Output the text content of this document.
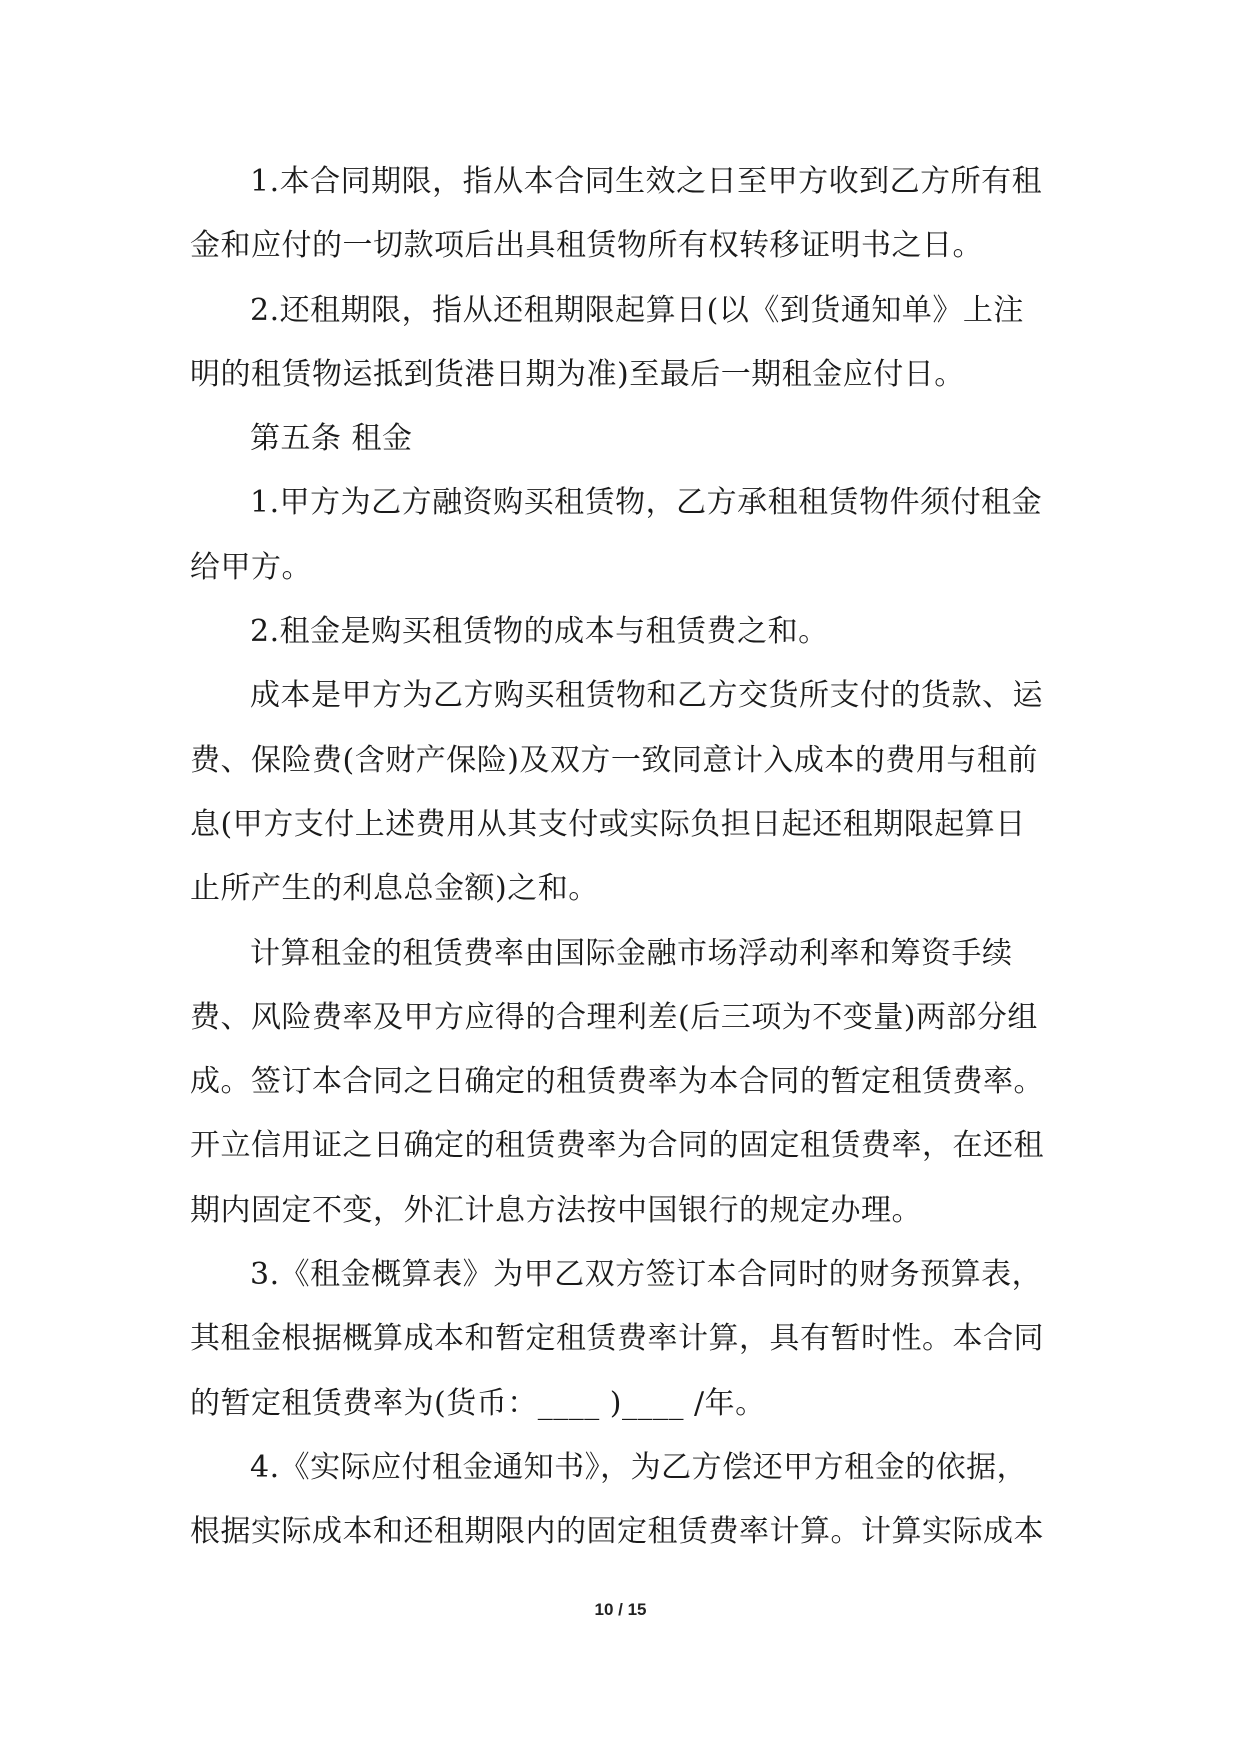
1.本合同期限，指从本合同生效之日至甲方收到乙方所有租

金和应付的一切款项后出具租赁物所有权转移证明书之日。

2.还租期限，指从还租期限起算日(以《到货通知单》上注

明的租赁物运抵到货港日期为准)至最后一期租金应付日。

第五条 租金

1.甲方为乙方融资购买租赁物，乙方承租租赁物件须付租金

给甲方。

2.租金是购买租赁物的成本与租赁费之和。

成本是甲方为乙方购买租赁物和乙方交货所支付的货款、运

费、保险费(含财产保险)及双方一致同意计入成本的费用与租前

息(甲方支付上述费用从其支付或实际负担日起还租期限起算日

止所产生的利息总金额)之和。

计算租金的租赁费率由国际金融市场浮动利率和筹资手续

费、风险费率及甲方应得的合理利差(后三项为不变量)两部分组

成。签订本合同之日确定的租赁费率为本合同的暂定租赁费率。

开立信用证之日确定的租赁费率为合同的固定租赁费率，在还租

期内固定不变，外汇计息方法按中国银行的规定办理。

3.《租金概算表》为甲乙双方签订本合同时的财务预算表，

其租金根据概算成本和暂定租赁费率计算，具有暂时性。本合同

的暂定租赁费率为(货币：____ )____ /年。

4.《实际应付租金通知书》，为乙方偿还甲方租金的依据，

根据实际成本和还租期限内的固定租赁费率计算。计算实际成本

10 / 15
